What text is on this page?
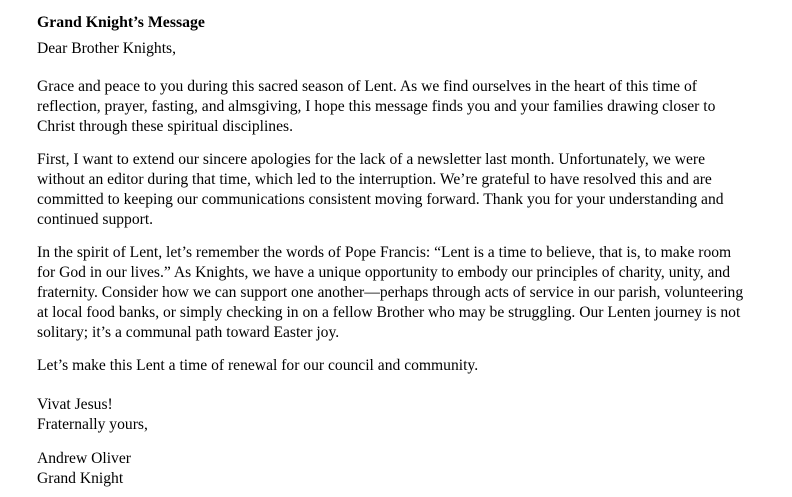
Grand Knight’s Message

Dear Brother Knights,

Grace and peace to you during this sacred season of Lent. As we find ourselves in the heart of this time of reflection, prayer, fasting, and almsgiving, I hope this message finds you and your families drawing closer to Christ through these spiritual disciplines.

First, I want to extend our sincere apologies for the lack of a newsletter last month. Unfortunately, we were without an editor during that time, which led to the interruption. We’re grateful to have resolved this and are committed to keeping our communications consistent moving forward. Thank you for your understanding and continued support.

In the spirit of Lent, let’s remember the words of Pope Francis: “Lent is a time to believe, that is, to make room for God in our lives.” As Knights, we have a unique opportunity to embody our principles of charity, unity, and fraternity. Consider how we can support one another—perhaps through acts of service in our parish, volunteering at local food banks, or simply checking in on a fellow Brother who may be struggling. Our Lenten journey is not solitary; it’s a communal path toward Easter joy.

Let’s make this Lent a time of renewal for our council and community.

Vivat Jesus!
Fraternally yours,
Andrew Oliver
Grand Knight
